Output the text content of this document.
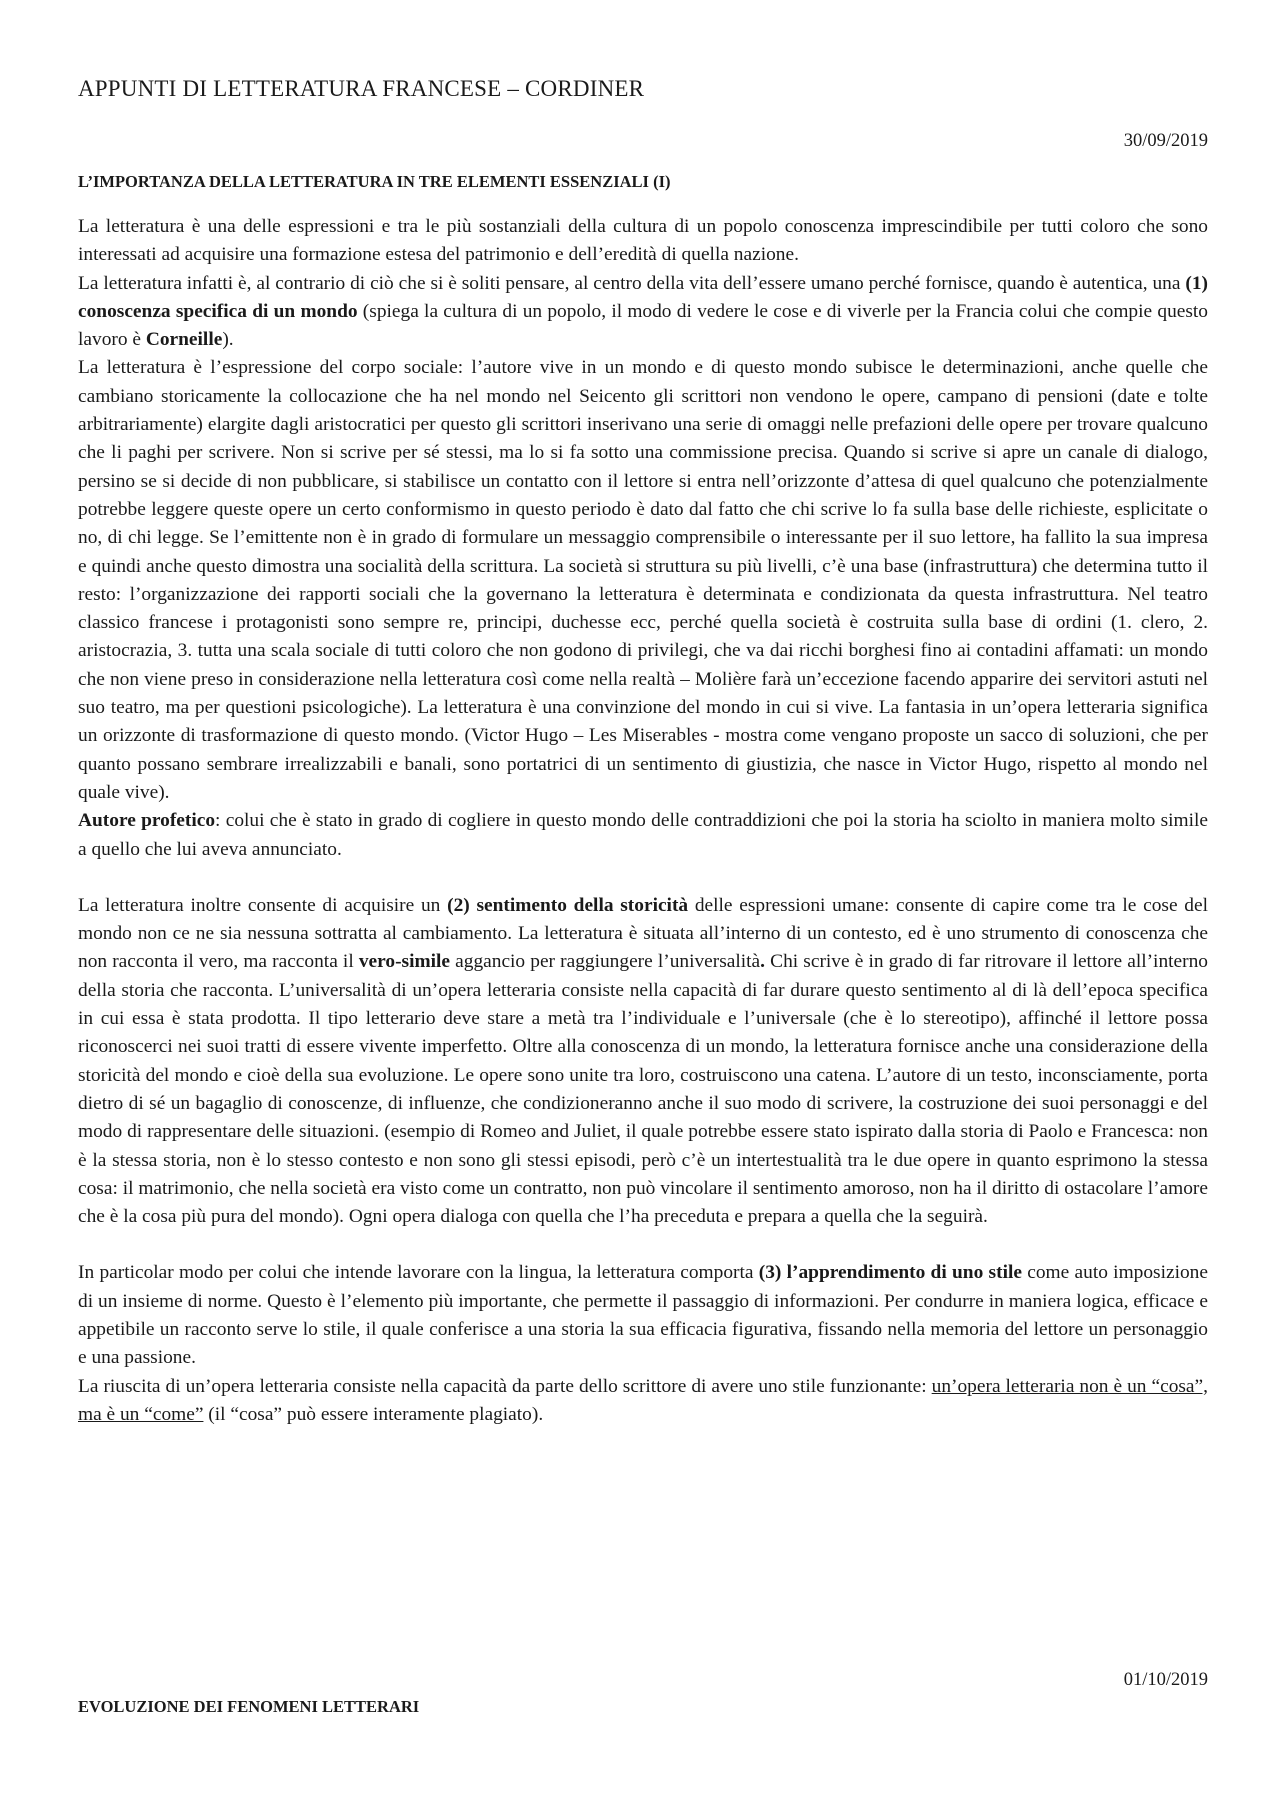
APPUNTI DI LETTERATURA FRANCESE – CORDINER
30/09/2019
L’IMPORTANZA DELLA LETTERATURA IN TRE ELEMENTI ESSENZIALI (I)

La letteratura è una delle espressioni e tra le più sostanziali della cultura di un popolo conoscenza imprescindibile per tutti coloro che sono interessati ad acquisire una formazione estesa del patrimonio e dell’eredità di quella nazione.

La letteratura infatti è, al contrario di ciò che si è soliti pensare, al centro della vita dell’essere umano perché fornisce, quando è autentica, una (1) conoscenza specifica di un mondo (spiega la cultura di un popolo, il modo di vedere le cose e di viverle per la Francia colui che compie questo lavoro è Corneille).

La letteratura è l’espressione del corpo sociale: l’autore vive in un mondo e di questo mondo subisce le determinazioni, anche quelle che cambiano storicamente la collocazione che ha nel mondo nel Seicento gli scrittori non vendono le opere, campano di pensioni (date e tolte arbitrariamente) elargite dagli aristocratici per questo gli scrittori inserivano una serie di omaggi nelle prefazioni delle opere per trovare qualcuno che li paghi per scrivere. Non si scrive per sé stessi, ma lo si fa sotto una commissione precisa. Quando si scrive si apre un canale di dialogo, persino se si decide di non pubblicare, si stabilisce un contatto con il lettore si entra nell’orizzonte d’attesa di quel qualcuno che potenzialmente potrebbe leggere queste opere un certo conformismo in questo periodo è dato dal fatto che chi scrive lo fa sulla base delle richieste, esplicitate o no, di chi legge. Se l’emittente non è in grado di formulare un messaggio comprensibile o interessante per il suo lettore, ha fallito la sua impresa e quindi anche questo dimostra una socialità della scrittura. La società si struttura su più livelli, c’è una base (infrastruttura) che determina tutto il resto: l’organizzazione dei rapporti sociali che la governano la letteratura è determinata e condizionata da questa infrastruttura. Nel teatro classico francese i protagonisti sono sempre re, principi, duchesse ecc, perché quella società è costruita sulla base di ordini (1. clero, 2. aristocrazia, 3. tutta una scala sociale di tutti coloro che non godono di privilegi, che va dai ricchi borghesi fino ai contadini affamati: un mondo che non viene preso in considerazione nella letteratura così come nella realtà – Molière farà un’eccezione facendo apparire dei servitori astuti nel suo teatro, ma per questioni psicologiche). La letteratura è una convinzione del mondo in cui si vive. La fantasia in un’opera letteraria significa un orizzonte di trasformazione di questo mondo. (Victor Hugo – Les Miserables - mostra come vengano proposte un sacco di soluzioni, che per quanto possano sembrare irrealizzabili e banali, sono portatrici di un sentimento di giustizia, che nasce in Victor Hugo, rispetto al mondo nel quale vive).

Autore profetico: colui che è stato in grado di cogliere in questo mondo delle contraddizioni che poi la storia ha sciolto in maniera molto simile a quello che lui aveva annunciato.

La letteratura inoltre consente di acquisire un (2) sentimento della storicità delle espressioni umane: consente di capire come tra le cose del mondo non ce ne sia nessuna sottratta al cambiamento. La letteratura è situata all’interno di un contesto, ed è uno strumento di conoscenza che non racconta il vero, ma racconta il vero-simile aggancio per raggiungere l’universalità. Chi scrive è in grado di far ritrovare il lettore all’interno della storia che racconta. L’universalità di un’opera letteraria consiste nella capacità di far durare questo sentimento al di là dell’epoca specifica in cui essa è stata prodotta. Il tipo letterario deve stare a metà tra l’individuale e l’universale (che è lo stereotipo), affinché il lettore possa riconoscerci nei suoi tratti di essere vivente imperfetto. Oltre alla conoscenza di un mondo, la letteratura fornisce anche una considerazione della storicità del mondo e cioè della sua evoluzione. Le opere sono unite tra loro, costruiscono una catena. L’autore di un testo, inconsciamente, porta dietro di sé un bagaglio di conoscenze, di influenze, che condizioneranno anche il suo modo di scrivere, la costruzione dei suoi personaggi e del modo di rappresentare delle situazioni. (esempio di Romeo and Juliet, il quale potrebbe essere stato ispirato dalla storia di Paolo e Francesca: non è la stessa storia, non è lo stesso contesto e non sono gli stessi episodi, però c’è un intertestualità tra le due opere in quanto esprimono la stessa cosa: il matrimonio, che nella società era visto come un contratto, non può vincolare il sentimento amoroso, non ha il diritto di ostacolare l’amore che è la cosa più pura del mondo). Ogni opera dialoga con quella che l’ha preceduta e prepara a quella che la seguirà.

In particolar modo per colui che intende lavorare con la lingua, la letteratura comporta (3) l’apprendimento di uno stile come auto imposizione di un insieme di norme. Questo è l’elemento più importante, che permette il passaggio di informazioni. Per condurre in maniera logica, efficace e appetibile un racconto serve lo stile, il quale conferisce a una storia la sua efficacia figurativa, fissando nella memoria del lettore un personaggio e una passione.

La riuscita di un’opera letteraria consiste nella capacità da parte dello scrittore di avere uno stile funzionante: un’opera letteraria non è un “cosa”, ma è un “come” (il “cosa” può essere interamente plagiato).

01/10/2019
EVOLUZIONE DEI FENOMENI LETTERARI
